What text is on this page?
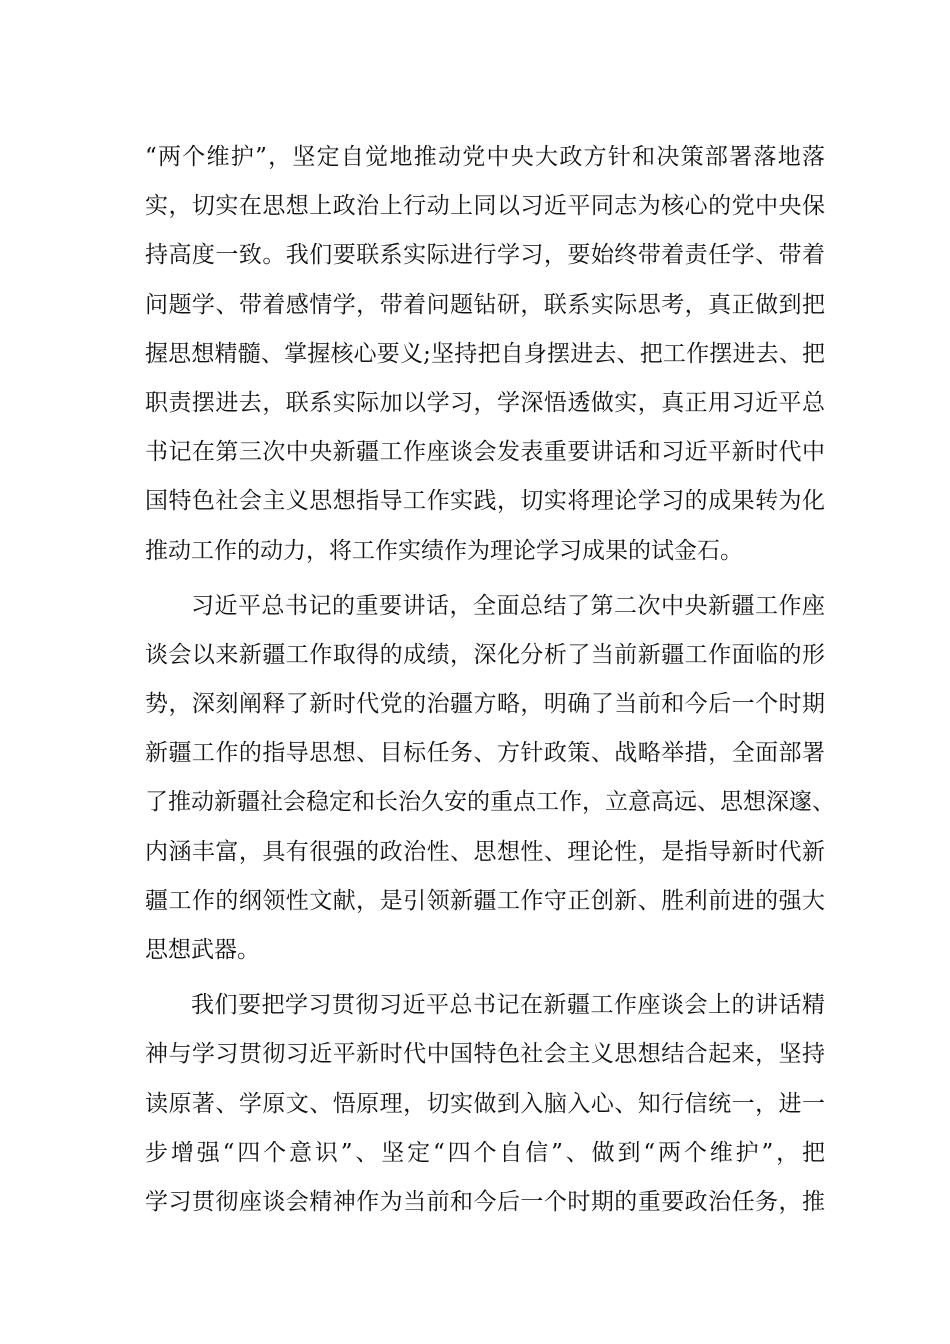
“两个维护”，坚定自觉地推动党中央大政方针和决策部署落地落
实，切实在思想上政治上行动上同以习近平同志为核心的党中央保
持高度一致。我们要联系实际进行学习，要始终带着责任学、带着
问题学、带着感情学，带着问题钻研，联系实际思考，真正做到把
握思想精髓、掌握核心要义;坚持把自身摆进去、把工作摆进去、把
职责摆进去，联系实际加以学习，学深悟透做实，真正用习近平总
书记在第三次中央新疆工作座谈会发表重要讲话和习近平新时代中
国特色社会主义思想指导工作实践，切实将理论学习的成果转为化
推动工作的动力，将工作实绩作为理论学习成果的试金石。
习近平总书记的重要讲话，全面总结了第二次中央新疆工作座
谈会以来新疆工作取得的成绩，深化分析了当前新疆工作面临的形
势，深刻阐释了新时代党的治疆方略，明确了当前和今后一个时期
新疆工作的指导思想、目标任务、方针政策、战略举措，全面部署
了推动新疆社会稳定和长治久安的重点工作，立意高远、思想深邃、
内涵丰富，具有很强的政治性、思想性、理论性，是指导新时代新
疆工作的纲领性文献，是引领新疆工作守正创新、胜利前进的强大
思想武器。
我们要把学习贯彻习近平总书记在新疆工作座谈会上的讲话精
神与学习贯彻习近平新时代中国特色社会主义思想结合起来，坚持
读原著、学原文、悟原理，切实做到入脑入心、知行信统一，进一
步增强“四个意识”、坚定“四个自信”、做到“两个维护”，把
学习贯彻座谈会精神作为当前和今后一个时期的重要政治任务，推
